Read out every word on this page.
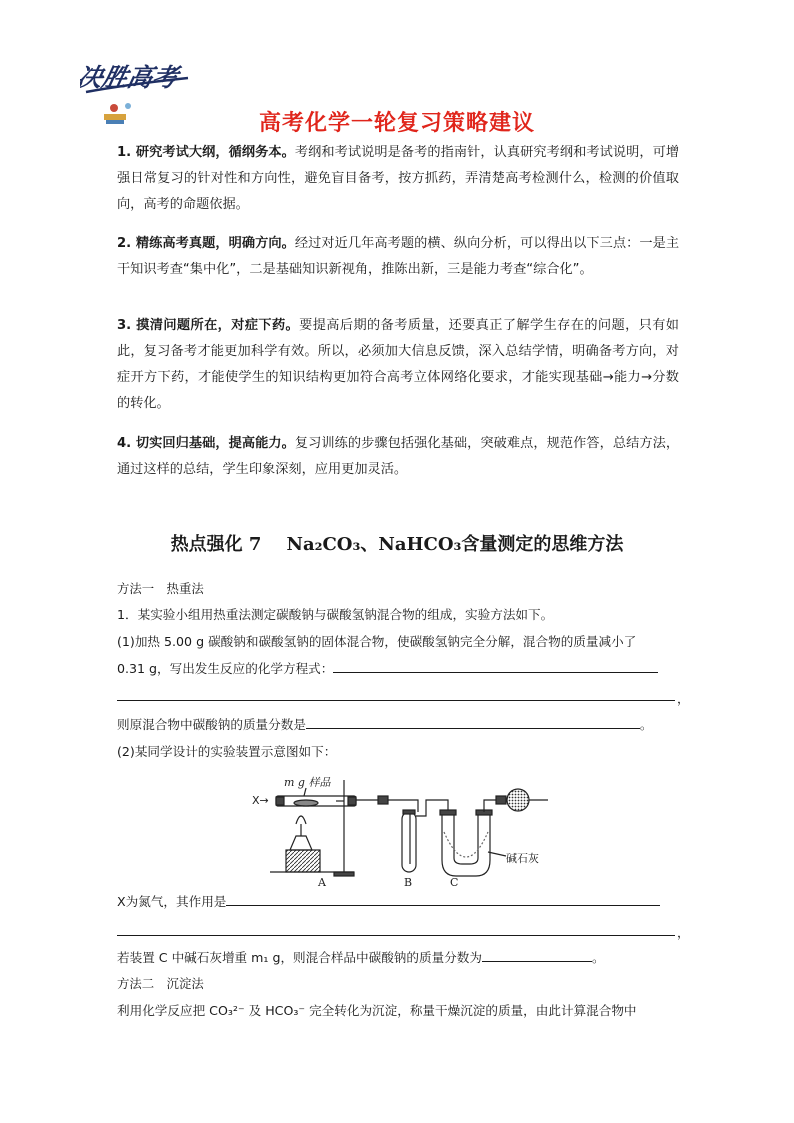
决胜高考
高考化学一轮复习策略建议
1. 研究考试大纲，循纲务本。考纲和考试说明是备考的指南针，认真研究考纲和考试说明，可增强日常复习的针对性和方向性，避免盲目备考，按方抓药，弄清楚高考检测什么，检测的价值取向，高考的命题依据。
2. 精练高考真题，明确方向。经过对近几年高考题的横、纵向分析，可以得出以下三点：一是主干知识考查“集中化”，二是基础知识新视角，推陈出新，三是能力考查“综合化”。
3. 摸清问题所在，对症下药。要提高后期的备考质量，还要真正了解学生存在的问题，只有如此，复习备考才能更加科学有效。所以，必须加大信息反馈，深入总结学情，明确备考方向，对症开方下药，才能使学生的知识结构更加符合高考立体网络化要求，才能实现基础→能力→分数的转化。
4. 切实回归基础，提高能力。复习训练的步骤包括强化基础，突破难点，规范作答，总结方法，通过这样的总结，学生印象深刻，应用更加灵活。
热点强化 7 Na₂CO₃、NaHCO₃含量测定的思维方法
方法一　热重法
1．某实验小组用热重法测定碳酸钠与碳酸氢钠混合物的组成，实验方法如下。
(1)加热 5.00 g 碳酸钠和碳酸氢钠的固体混合物，使碳酸氢钠完全分解，混合物的质量减小了
0.31 g，写出发生反应的化学方程式：
，
则原混合物中碳酸钠的质量分数是	。
(2)某同学设计的实验装置示意图如下：
X→
m g 样品
碱石灰
A	B	C
X为氮气，其作用是
，
若装置 C 中碱石灰增重 m₁ g，则混合样品中碳酸钠的质量分数为	。
方法二　沉淀法
利用化学反应把 CO₃²⁻ 及 HCO₃⁻ 完全转化为沉淀，称量干燥沉淀的质量，由此计算混合物中
